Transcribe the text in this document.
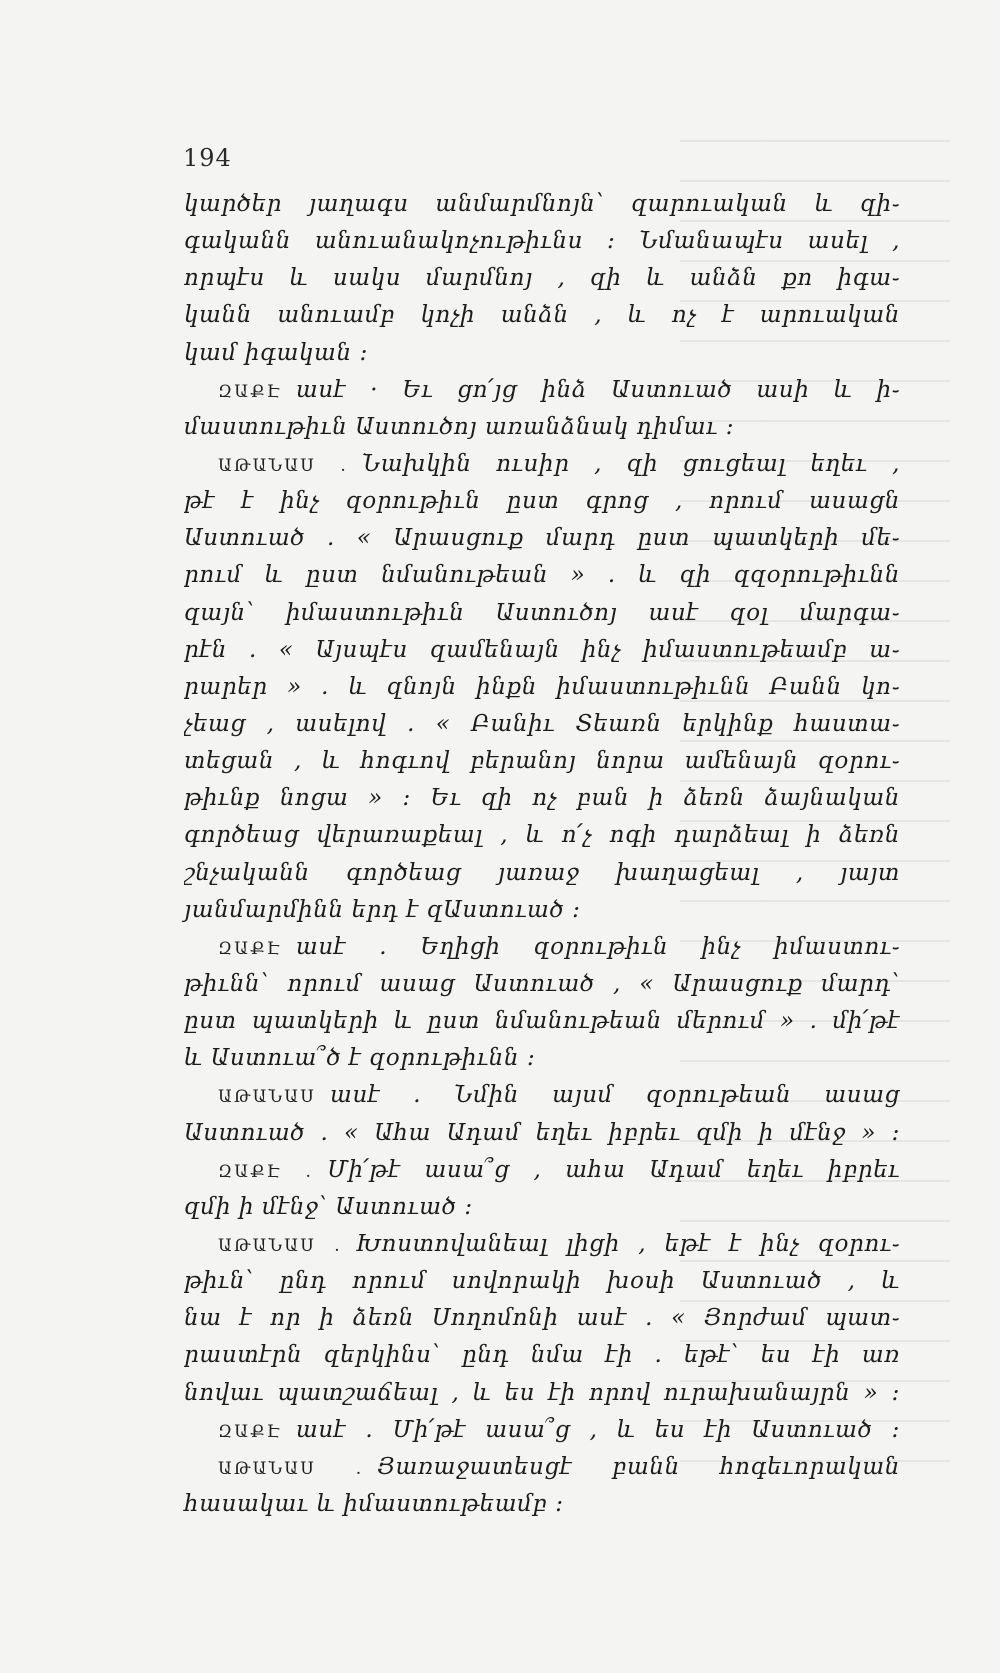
194
կարծեր յաղագս անմարմնոյն՝ զարուական և զի֊
գականն անուանակոչութիւնս ։ Նմանապէս ասել ,
որպէս և սակս մարմնոյ , զի և անձն քո իգա֊
կանն անուամբ կոչի անձն , և ոչ է արուական
կամ իգական ։
ԶԱՔԷ ասէ · Եւ ցո՛յց ինձ Աստուած ասի և ի֊
մաստութիւն Աստուծոյ առանձնակ դիմաւ ։
ԱԹԱՆԱՍ . Նախկին ուսիր , զի ցուցեալ եղեւ ,
թէ է ինչ զօրութիւն ըստ գրոց , որում ասացն
Աստուած . « Արասցուք մարդ ըստ պատկերի մե֊
րում և ըստ նմանութեան » . և զի զզօրութիւնն
զայն՝ իմաստութիւն Աստուծոյ ասէ զօլ մարգա֊
րէն . « Այսպէս զամենայն ինչ իմաստութեամբ ա֊
րարեր » . և զնոյն ինքն իմաստութիւնն Բանն կո֊
չեաց , ասելով . « Բանիւ Տեառն երկինք հաստա֊
տեցան , և հոգւով բերանոյ նորա ամենայն զօրու֊
թիւնք նոցա » ։ Եւ զի ոչ բան ի ձեռն ձայնական
գործեաց վերառաքեալ , և ո՛չ ոգի դարձեալ ի ձեռն
շնչականն գործեաց յառաջ խաղացեալ , յայտ
յանմարմինն երդ է զԱստուած ։
ԶԱՔԷ ասէ . Եղիցի զօրութիւն ինչ իմաստու֊
թիւնն՝ որում ասաց Աստուած , « Արասցուք մարդ՝
ըստ պատկերի և ըստ նմանութեան մերում » . մի՛թէ
և Աստուա՞ծ է զօրութիւնն ։
ԱԹԱՆԱՍ ասէ . Նմին այսմ զօրութեան ասաց
Աստուած . « Ահա Ադամ եղեւ իբրեւ զմի ի մէնջ » ։
ԶԱՔԷ . Մի՛թէ ասա՞ց , ահա Ադամ եղեւ իբրեւ
զմի ի մէնջ՝ Աստուած ։
ԱԹԱՆԱՍ . Խոստովանեալ լիցի , եթէ է ինչ զօրու֊
թիւն՝ ընդ որում սովորակի խօսի Աստուած , և
նա է որ ի ձեռն Սողոմոնի ասէ . « Յորժամ պատ֊
րաստէրն զերկինս՝ ընդ նմա էի . եթէ՝ ես էի առ
նովաւ պատշաճեալ , և ես էի որով ուրախանայրն » ։
ԶԱՔԷ ասէ . Մի՛թէ ասա՞ց , և ես էի Աստուած ։
ԱԹԱՆԱՍ . Յառաջատեսցէ բանն հոգեւորական
հասակաւ և իմաստութեամբ ։
